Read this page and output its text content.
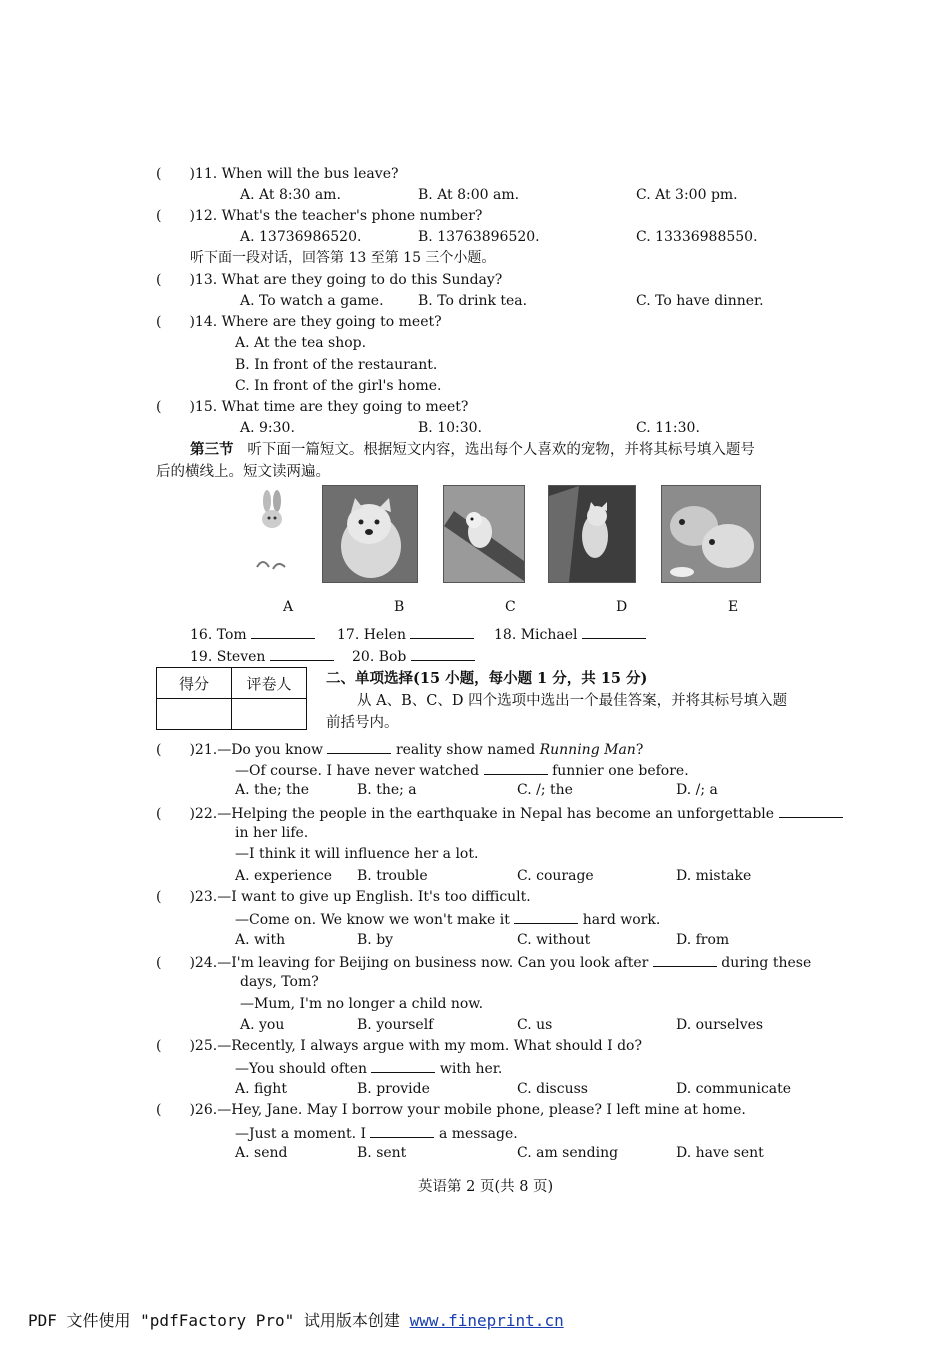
(　　)11. When will the bus leave?
A. At 8:30 am.	B. At 8:00 am.	C. At 3:00 pm.
(　　)12. What's the teacher's phone number?
A. 13736986520.	B. 13763896520.	C. 13336988550.
听下面一段对话，回答第 13 至第 15 三个小题。
(　　)13. What are they going to do this Sunday?
A. To watch a game. B. To drink tea.	C. To have dinner.
(　　)14. Where are they going to meet?
A. At the tea shop.
B. In front of the restaurant.
C. In front of the girl's home.
(　　)15. What time are they going to meet?
A. 9:30.	B. 10:30.	C. 11:30.
第三节 听下面一篇短文。根据短文内容，选出每个人喜欢的宠物，并将其标号填入题号
后的横线上。短文读两遍。
A	B	C	D	E
16. Tom	17. Helen	18. Michael
19. Steven	20. Bob
得分	评卷人
	二、单项选择(15 小题，每小题 1 分，共 15 分)
从 A、B、C、D 四个选项中选出一个最佳答案，并将其标号填入题
前括号内。
(　　)21.—Do you know	reality show named Running Man?
—Of course. I have never watched	funnier one before.
A. the; the	B. the; a	C. /; the	D. /; a
(　　)22.—Helping the people in the earthquake in Nepal has become an unforgettable
in her life.
—I think it will influence her a lot.
A. experience B. trouble	C. courage	D. mistake
(　　)23.—I want to give up English. It's too difficult.
—Come on. We know we won't make it	hard work.
A. with	B. by	C. without	D. from
(　　)24.—I'm leaving for Beijing on business now. Can you look after	during these
days, Tom?
—Mum, I'm no longer a child now.
A. you	B. yourself	C. us	D. ourselves
(　　)25.—Recently, I always argue with my mom. What should I do?
—You should often	with her.
A. fight	B. provide	C. discuss	D. communicate
(　　)26.—Hey, Jane. May I borrow your mobile phone, please? I left mine at home.
—Just a moment. I	a message.
A. send	B. sent	C. am sending	D. have sent
英语第 2 页(共 8 页)
PDF 文件使用 "pdfFactory Pro" 试用版本创建 www.fineprint.cn
